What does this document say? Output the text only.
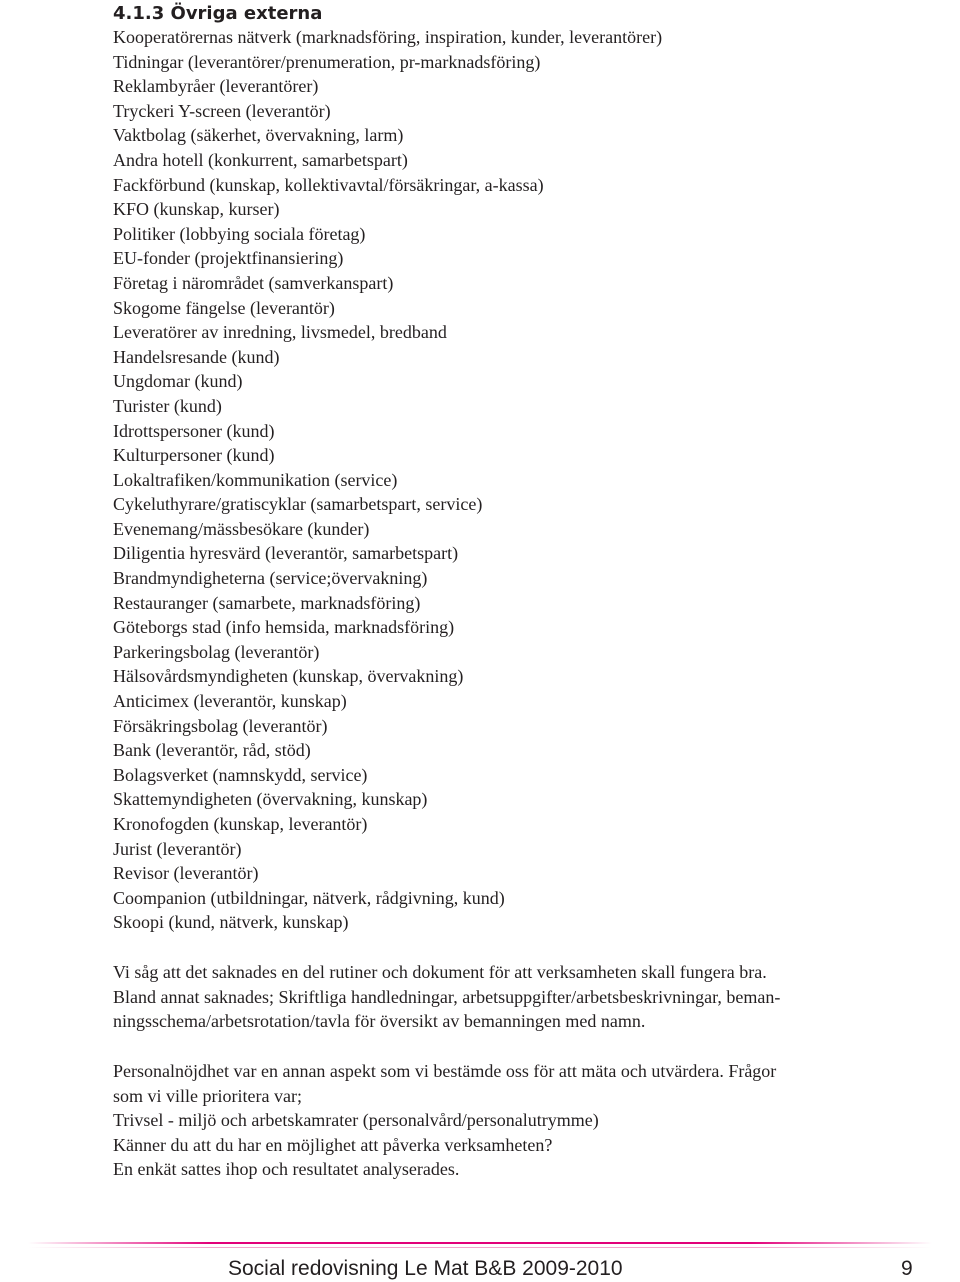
4.1.3 Övriga externa
Kooperatörernas nätverk (marknadsföring, inspiration, kunder, leverantörer)
Tidningar (leverantörer/prenumeration, pr-marknadsföring)
Reklambyråer (leverantörer)
Tryckeri Y-screen (leverantör)
Vaktbolag (säkerhet, övervakning, larm)
Andra hotell (konkurrent, samarbetspart)
Fackförbund (kunskap, kollektivavtal/försäkringar, a-kassa)
KFO (kunskap, kurser)
Politiker (lobbying sociala företag)
EU-fonder (projektfinansiering)
Företag i närområdet (samverkanspart)
Skogome fängelse (leverantör)
Leveratörer av inredning, livsmedel, bredband
Handelsresande (kund)
Ungdomar (kund)
Turister (kund)
Idrottspersoner (kund)
Kulturpersoner (kund)
Lokaltrafiken/kommunikation (service)
Cykeluthyrare/gratiscyklar (samarbetspart, service)
Evenemang/mässbesökare (kunder)
Diligentia hyresvärd (leverantör, samarbetspart)
Brandmyndigheterna (service;övervakning)
Restauranger (samarbete, marknadsföring)
Göteborgs stad (info hemsida, marknadsföring)
Parkeringsbolag (leverantör)
Hälsovårdsmyndigheten (kunskap, övervakning)
Anticimex (leverantör, kunskap)
Försäkringsbolag (leverantör)
Bank (leverantör, råd, stöd)
Bolagsverket (namnskydd, service)
Skattemyndigheten (övervakning, kunskap)
Kronofogden (kunskap, leverantör)
Jurist (leverantör)
Revisor (leverantör)
Coompanion (utbildningar, nätverk, rådgivning, kund)
Skoopi (kund, nätverk, kunskap)

Vi såg att det saknades en del rutiner och dokument för att verksamheten skall fungera bra.
Bland annat saknades; Skriftliga handledningar, arbetsuppgifter/arbetsbeskrivningar, beman-
ningsschema/arbetsrotation/tavla för översikt av bemanningen med namn.

Personalnöjdhet var en annan aspekt som vi bestämde oss för att mäta och utvärdera. Frågor
som vi ville prioritera var;
Trivsel - miljö och arbetskamrater (personalvård/personalutrymme)
Känner du att du har en möjlighet att påverka verksamheten?
En enkät sattes ihop och resultatet analyserades.

Social redovisning Le Mat B&B 2009-2010	9
